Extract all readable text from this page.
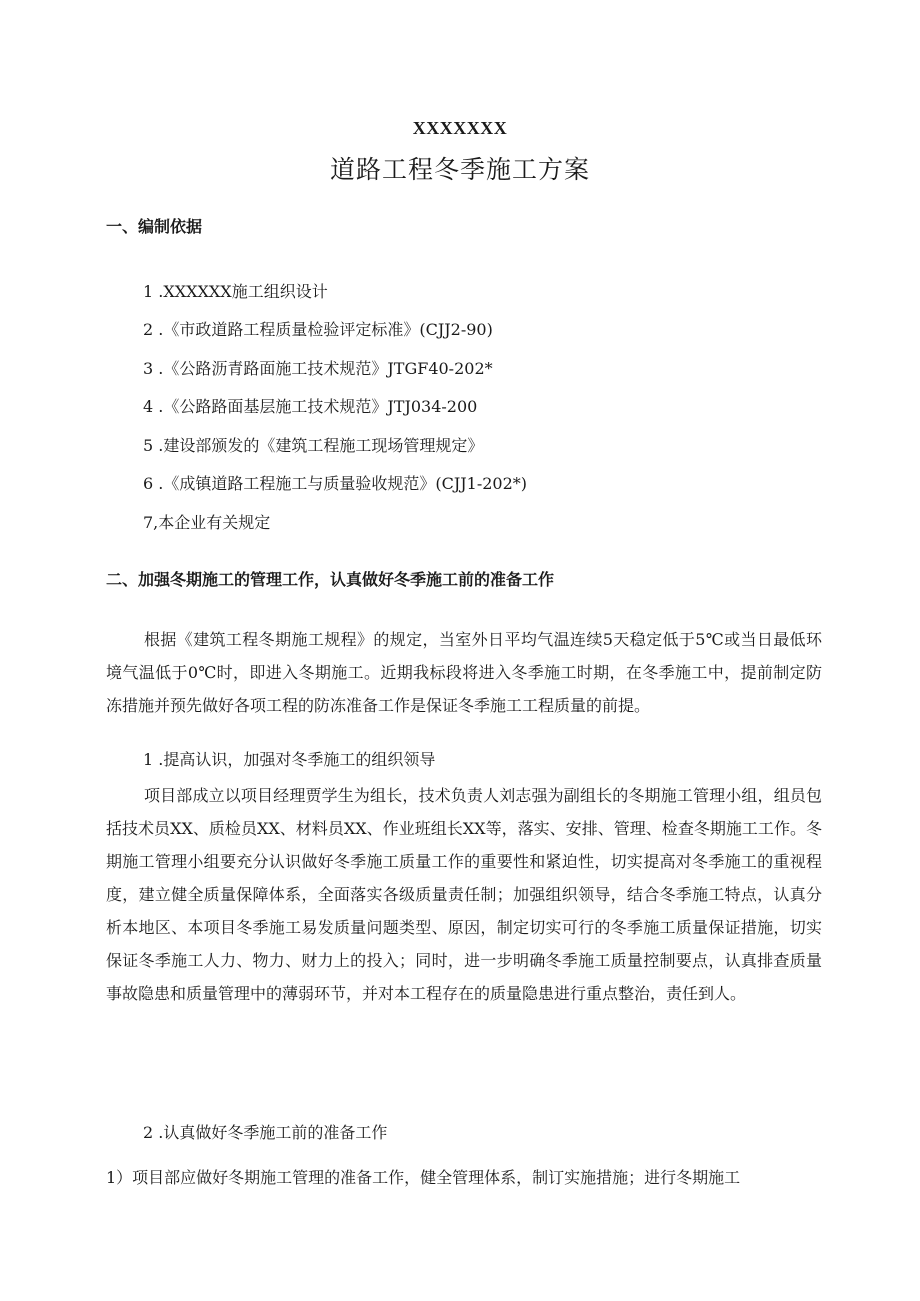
XXXXXXX
道路工程冬季施工方案
一、编制依据
1 .XXXXXX施工组织设计
2 .《市政道路工程质量检验评定标准》(CJJ2-90)
3 .《公路沥青路面施工技术规范》JTGF40-202*
4 .《公路路面基层施工技术规范》JTJ034-200
5 .建设部颁发的《建筑工程施工现场管理规定》
6 .《成镇道路工程施工与质量验收规范》(CJJ1-202*)
7,本企业有关规定
二、加强冬期施工的管理工作，认真做好冬季施工前的准备工作

根据《建筑工程冬期施工规程》的规定，当室外日平均气温连续5天稳定低于5℃或当日最低环境气温低于0℃时，即进入冬期施工。近期我标段将进入冬季施工时期，在冬季施工中，提前制定防冻措施并预先做好各项工程的防冻准备工作是保证冬季施工工程质量的前提。

1 .提高认识，加强对冬季施工的组织领导

项目部成立以项目经理贾学生为组长，技术负责人刘志强为副组长的冬期施工管理小组，组员包括技术员XX、质检员XX、材料员XX、作业班组长XX等，落实、安排、管理、检查冬期施工工作。冬期施工管理小组要充分认识做好冬季施工质量工作的重要性和紧迫性，切实提高对冬季施工的重视程度，建立健全质量保障体系，全面落实各级质量责任制；加强组织领导，结合冬季施工特点，认真分析本地区、本项目冬季施工易发质量问题类型、原因，制定切实可行的冬季施工质量保证措施，切实保证冬季施工人力、物力、财力上的投入；同时，进一步明确冬季施工质量控制要点，认真排查质量事故隐患和质量管理中的薄弱环节，并对本工程存在的质量隐患进行重点整治，责任到人。

2 .认真做好冬季施工前的准备工作

1）项目部应做好冬期施工管理的准备工作，健全管理体系，制订实施措施；进行冬期施工
